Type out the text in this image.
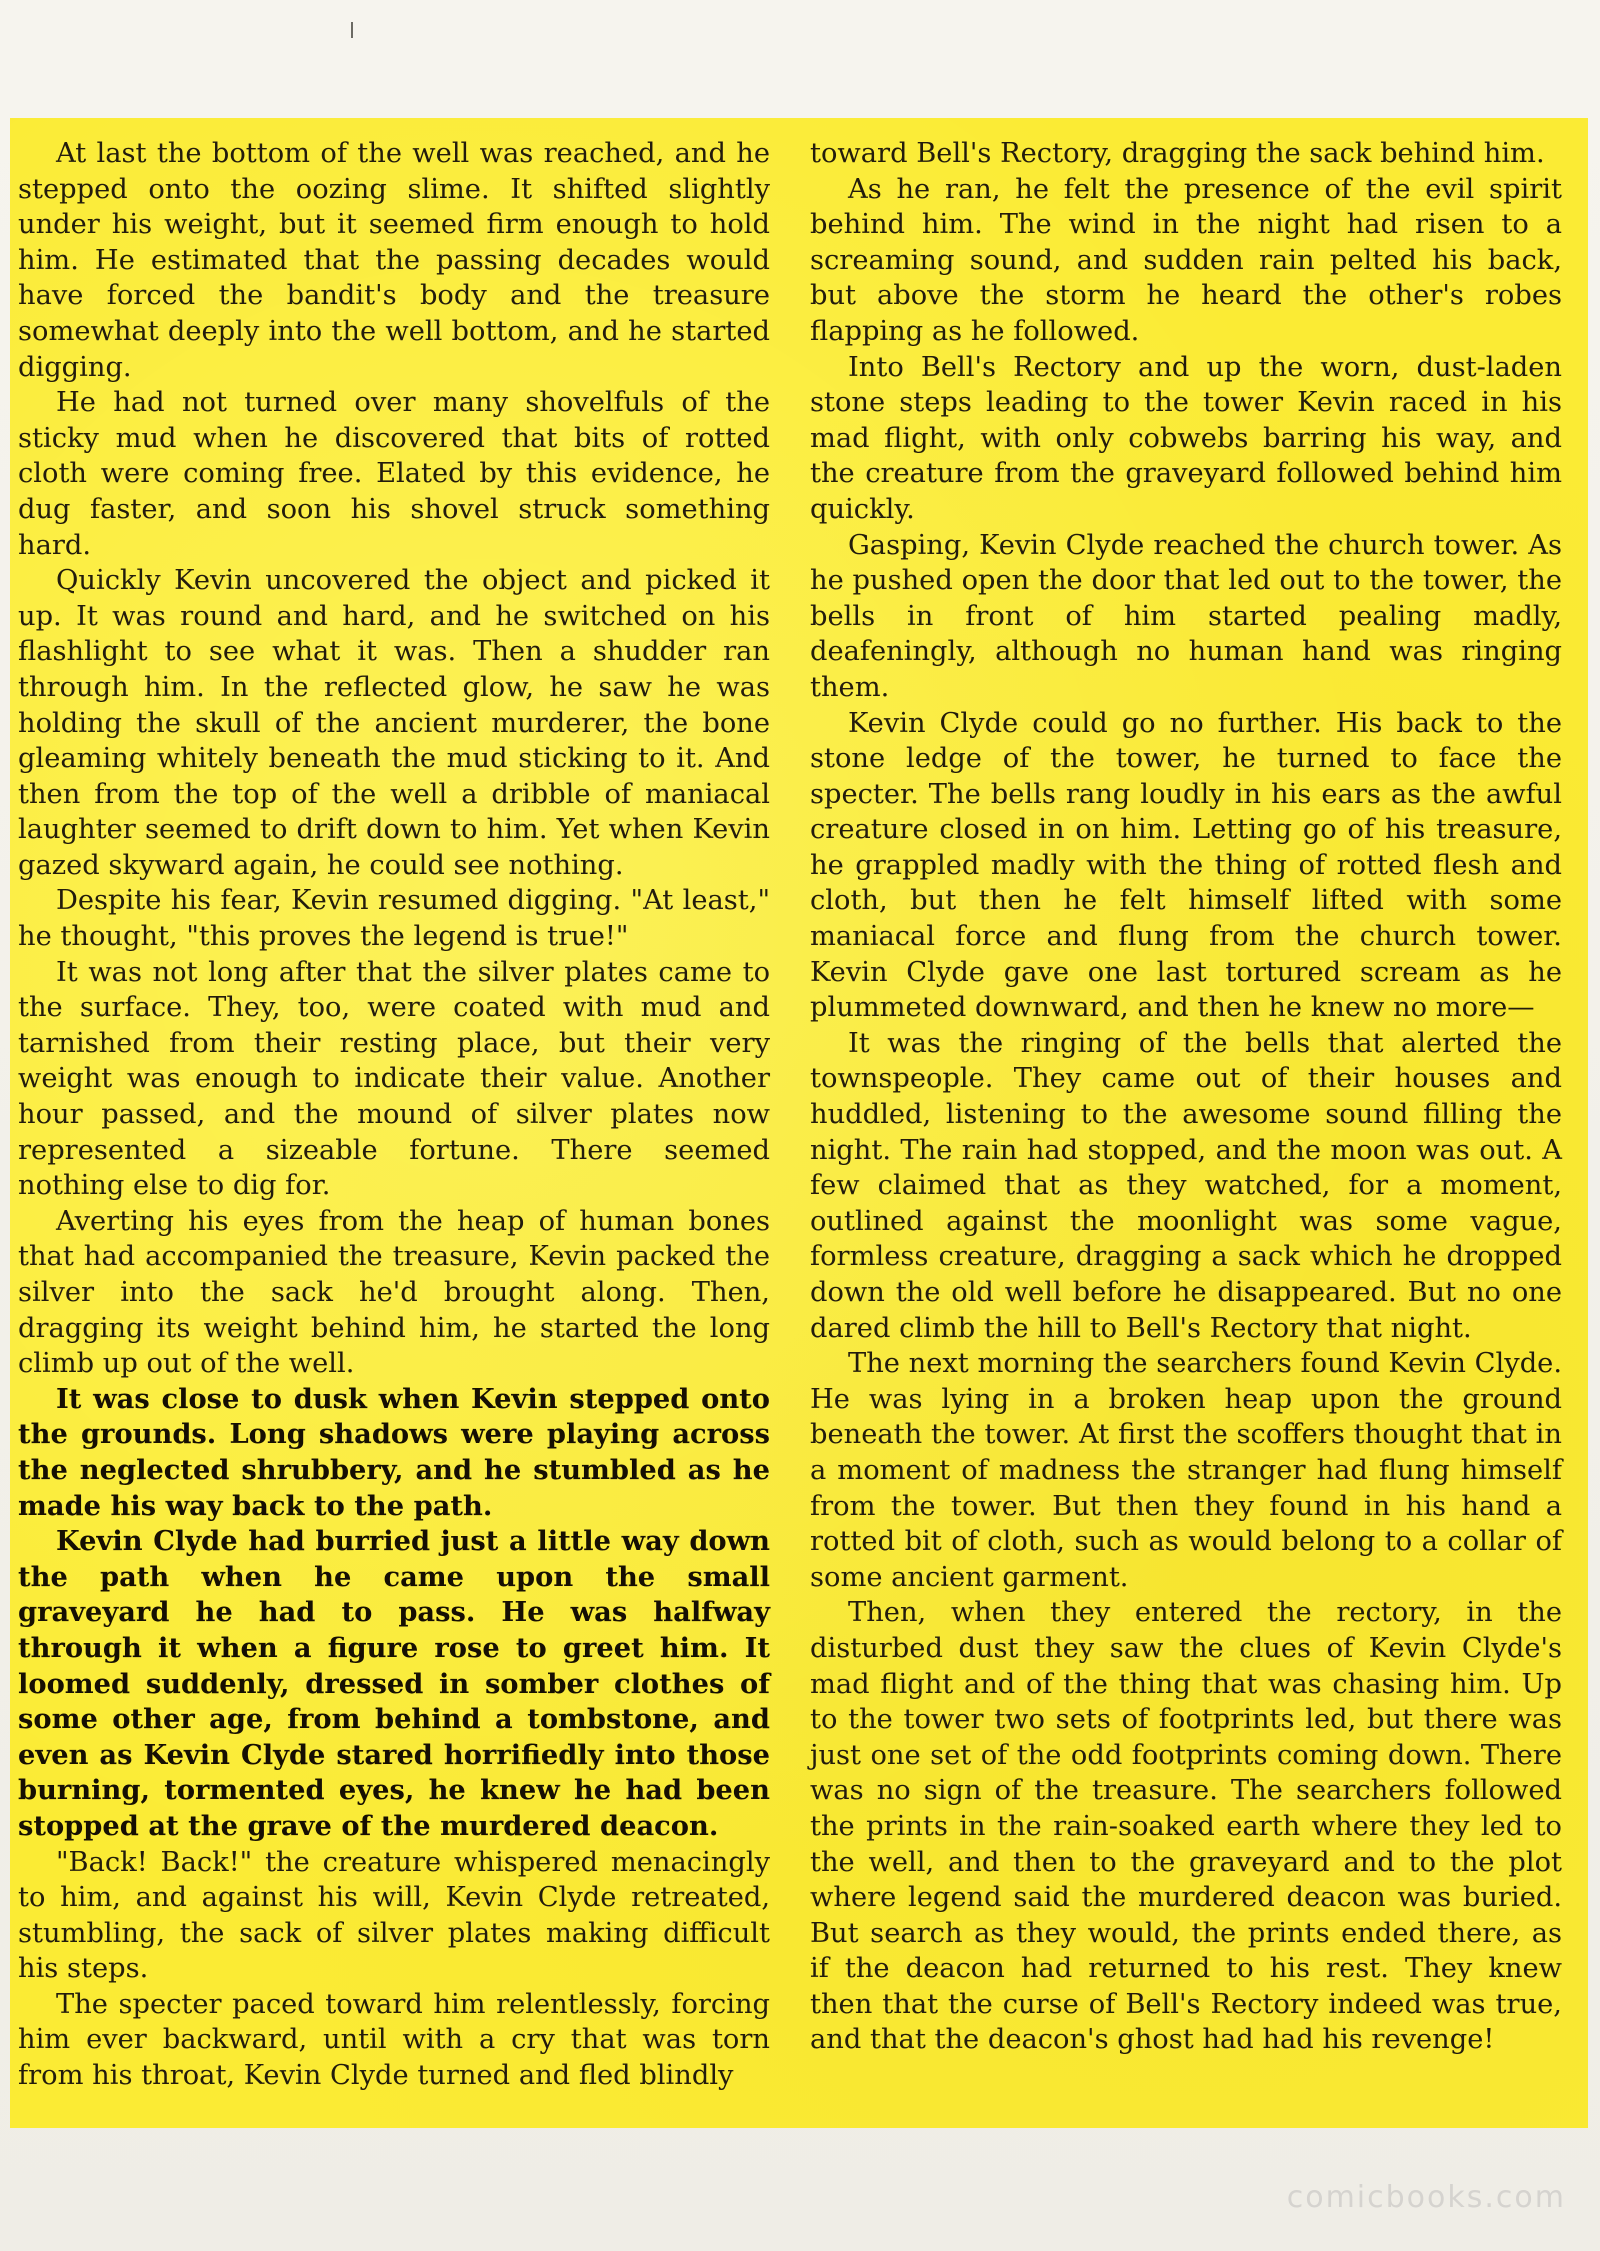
At last the bottom of the well was reached, and he stepped onto the oozing slime. It shifted slightly under his weight, but it seemed firm enough to hold him. He estimated that the passing decades would have forced the bandit's body and the treasure somewhat deeply into the well bottom, and he started digging.

He had not turned over many shovelfuls of the sticky mud when he discovered that bits of rotted cloth were coming free. Elated by this evidence, he dug faster, and soon his shovel struck something hard.

Quickly Kevin uncovered the object and picked it up. It was round and hard, and he switched on his flashlight to see what it was. Then a shudder ran through him. In the reflected glow, he saw he was holding the skull of the ancient murderer, the bone gleaming whitely beneath the mud sticking to it. And then from the top of the well a dribble of maniacal laughter seemed to drift down to him. Yet when Kevin gazed skyward again, he could see nothing.

Despite his fear, Kevin resumed digging. "At least," he thought, "this proves the legend is true!"

It was not long after that the silver plates came to the surface. They, too, were coated with mud and tarnished from their resting place, but their very weight was enough to indicate their value. Another hour passed, and the mound of silver plates now represented a sizeable fortune. There seemed nothing else to dig for.

Averting his eyes from the heap of human bones that had accompanied the treasure, Kevin packed the silver into the sack he'd brought along. Then, dragging its weight behind him, he started the long climb up out of the well.

It was close to dusk when Kevin stepped onto the grounds. Long shadows were playing across the neglected shrubbery, and he stumbled as he made his way back to the path.

Kevin Clyde had burried just a little way down the path when he came upon the small graveyard he had to pass. He was halfway through it when a figure rose to greet him. It loomed suddenly, dressed in somber clothes of some other age, from behind a tombstone, and even as Kevin Clyde stared horrifiedly into those burning, tormented eyes, he knew he had been stopped at the grave of the murdered deacon.

"Back! Back!" the creature whispered menacingly to him, and against his will, Kevin Clyde retreated, stumbling, the sack of silver plates making difficult his steps.

The specter paced toward him relentlessly, forcing him ever backward, until with a cry that was torn from his throat, Kevin Clyde turned and fled blindly

toward Bell's Rectory, dragging the sack behind him.

As he ran, he felt the presence of the evil spirit behind him. The wind in the night had risen to a screaming sound, and sudden rain pelted his back, but above the storm he heard the other's robes flapping as he followed.

Into Bell's Rectory and up the worn, dust-laden stone steps leading to the tower Kevin raced in his mad flight, with only cobwebs barring his way, and the creature from the graveyard followed behind him quickly.

Gasping, Kevin Clyde reached the church tower. As he pushed open the door that led out to the tower, the bells in front of him started pealing madly, deafeningly, although no human hand was ringing them.

Kevin Clyde could go no further. His back to the stone ledge of the tower, he turned to face the specter. The bells rang loudly in his ears as the awful creature closed in on him. Letting go of his treasure, he grappled madly with the thing of rotted flesh and cloth, but then he felt himself lifted with some maniacal force and flung from the church tower. Kevin Clyde gave one last tortured scream as he plummeted downward, and then he knew no more—

It was the ringing of the bells that alerted the townspeople. They came out of their houses and huddled, listening to the awesome sound filling the night. The rain had stopped, and the moon was out. A few claimed that as they watched, for a moment, outlined against the moonlight was some vague, formless creature, dragging a sack which he dropped down the old well before he disappeared. But no one dared climb the hill to Bell's Rectory that night.

The next morning the searchers found Kevin Clyde. He was lying in a broken heap upon the ground beneath the tower. At first the scoffers thought that in a moment of madness the stranger had flung himself from the tower. But then they found in his hand a rotted bit of cloth, such as would belong to a collar of some ancient garment.

Then, when they entered the rectory, in the disturbed dust they saw the clues of Kevin Clyde's mad flight and of the thing that was chasing him. Up to the tower two sets of footprints led, but there was just one set of the odd footprints coming down. There was no sign of the treasure. The searchers followed the prints in the rain-soaked earth where they led to the well, and then to the graveyard and to the plot where legend said the murdered deacon was buried. But search as they would, the prints ended there, as if the deacon had returned to his rest. They knew then that the curse of Bell's Rectory indeed was true, and that the deacon's ghost had had his revenge!

comicbooks.com
